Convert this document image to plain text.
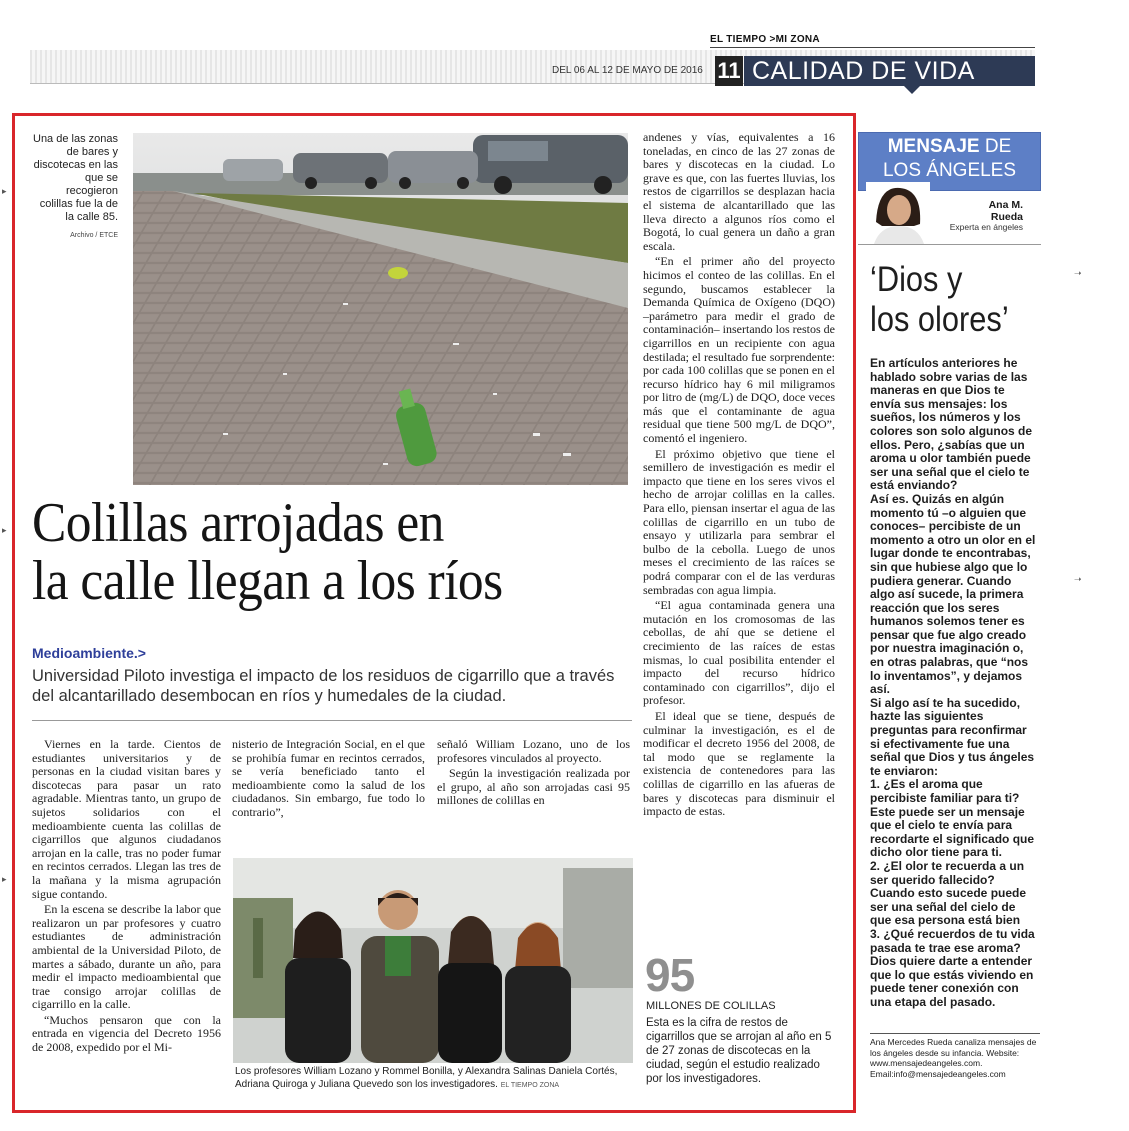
EL TIEMPO >MI ZONA
DEL 06 AL 12 DE MAYO DE 2016 11 CALIDAD DE VIDA
▸
▸
▸
➝
➝
Una de las zonas de bares y discotecas en las que se recogieron colillas fue la de la calle 85.
Archivo / ETCE
Colillas arrojadas en
la calle llegan a los ríos
Medioambiente.>
Universidad Piloto investiga el impacto de los residuos de cigarrillo que a través del alcantarillado desembocan en ríos y humedales de la ciudad.

Viernes en la tarde. Cientos de estudiantes universitarios y de personas en la ciudad visitan bares y discotecas para pasar un rato agradable. Mientras tanto, un grupo de sujetos solidarios con el medioambiente cuenta las colillas de cigarrillos que algunos ciudadanos arrojan en la calle, tras no poder fumar en recintos cerrados. Llegan las tres de la mañana y la misma agrupación sigue contando.

En la escena se describe la labor que realizaron un par profesores y cuatro estudiantes de administración ambiental de la Universidad Piloto, de martes a sábado, durante un año, para medir el impacto medioambiental que trae consigo arrojar colillas de cigarrillo en la calle.

“Muchos pensaron que con la entrada en vigencia del Decreto 1956 de 2008, expedido por el Mi-

nisterio de Integración Social, en el que se prohibía fumar en recintos cerrados, se vería beneficiado tanto el medioambiente como la salud de los ciudadanos. Sin embargo, fue todo lo contrario”,

señaló William Lozano, uno de los profesores vinculados al proyecto.

Según la investigación realizada por el grupo, al año son arrojadas casi 95 millones de colillas en

andenes y vías, equivalentes a 16 toneladas, en cinco de las 27 zonas de bares y discotecas en la ciudad. Lo grave es que, con las fuertes lluvias, los restos de cigarrillos se desplazan hacia el sistema de alcantarillado que las lleva directo a algunos ríos como el Bogotá, lo cual genera un daño a gran escala.

“En el primer año del proyecto hicimos el conteo de las colillas. En el segundo, buscamos establecer la Demanda Química de Oxígeno (DQO) –parámetro para medir el grado de contaminación– insertando los restos de cigarrillos en un recipiente con agua destilada; el resultado fue sorprendente: por cada 100 colillas que se ponen en el recurso hídrico hay 6 mil miligramos por litro de (mg/L) de DQO, doce veces más que el contaminante de agua residual que tiene 500 mg/L de DQO”, comentó el ingeniero.

El próximo objetivo que tiene el semillero de investigación es medir el impacto que tiene en los seres vivos el hecho de arrojar colillas en la calles. Para ello, piensan insertar el agua de las colillas de cigarrillo en un tubo de ensayo y utilizarla para sembrar el bulbo de la cebolla. Luego de unos meses el crecimiento de las raíces se podrá comparar con el de las verduras sembradas con agua limpia.

“El agua contaminada genera una mutación en los cromosomas de las cebollas, de ahí que se detiene el crecimiento de las raíces de estas mismas, lo cual posibilita entender el impacto del recurso hídrico contaminado con cigarrillos”, dijo el profesor.

El ideal que se tiene, después de culminar la investigación, es el de modificar el decreto 1956 del 2008, de tal modo que se reglamente la existencia de contenedores para las colillas de cigarrillo en las afueras de bares y discotecas para disminuir el impacto de estas.

Los profesores William Lozano y Rommel Bonilla, y Alexandra Salinas Daniela Cortés, Adriana Quiroga y Juliana Quevedo son los investigadores. EL TIEMPO ZONA
95
MILLONES DE COLILLAS
Esta es la cifra de restos de cigarrillos que se arrojan al año en 5 de 27 zonas de discotecas en la ciudad, según el estudio realizado por los investigadores.
MENSAJE DE
LOS ÁNGELES
Ana M.
Rueda
Experta en ángeles
‘Dios y
los olores’

En artículos anteriores he hablado sobre varias de las maneras en que Dios te envía sus mensajes: los sueños, los números y los colores son solo algunos de ellos. Pero, ¿sabías que un aroma u olor también puede ser una señal que el cielo te está enviando?

Así es. Quizás en algún momento tú –o alguien que conoces– percibiste de un momento a otro un olor en el lugar donde te encontrabas, sin que hubiese algo que lo pudiera generar. Cuando algo así sucede, la primera reacción que los seres humanos solemos tener es pensar que fue algo creado por nuestra imaginación o, en otras palabras, que “nos lo inventamos”, y dejamos así.

Si algo así te ha sucedido, hazte las siguientes preguntas para reconfirmar si efectivamente fue una señal que Dios y tus ángeles te enviaron:

1. ¿Es el aroma que percibiste familiar para ti? Este puede ser un mensaje que el cielo te envía para recordarte el significado que dicho olor tiene para ti.

2. ¿El olor te recuerda a un ser querido fallecido? Cuando esto sucede puede ser una señal del cielo de que esa persona está bien

3. ¿Qué recuerdos de tu vida pasada te trae ese aroma? Dios quiere darte a entender que lo que estás viviendo en puede tener conexión con una etapa del pasado.

Ana Mercedes Rueda canaliza mensajes de los ángeles desde su infancia. Website: www.mensajedeangeles.com.
Email:info@mensajedeangeles.com
